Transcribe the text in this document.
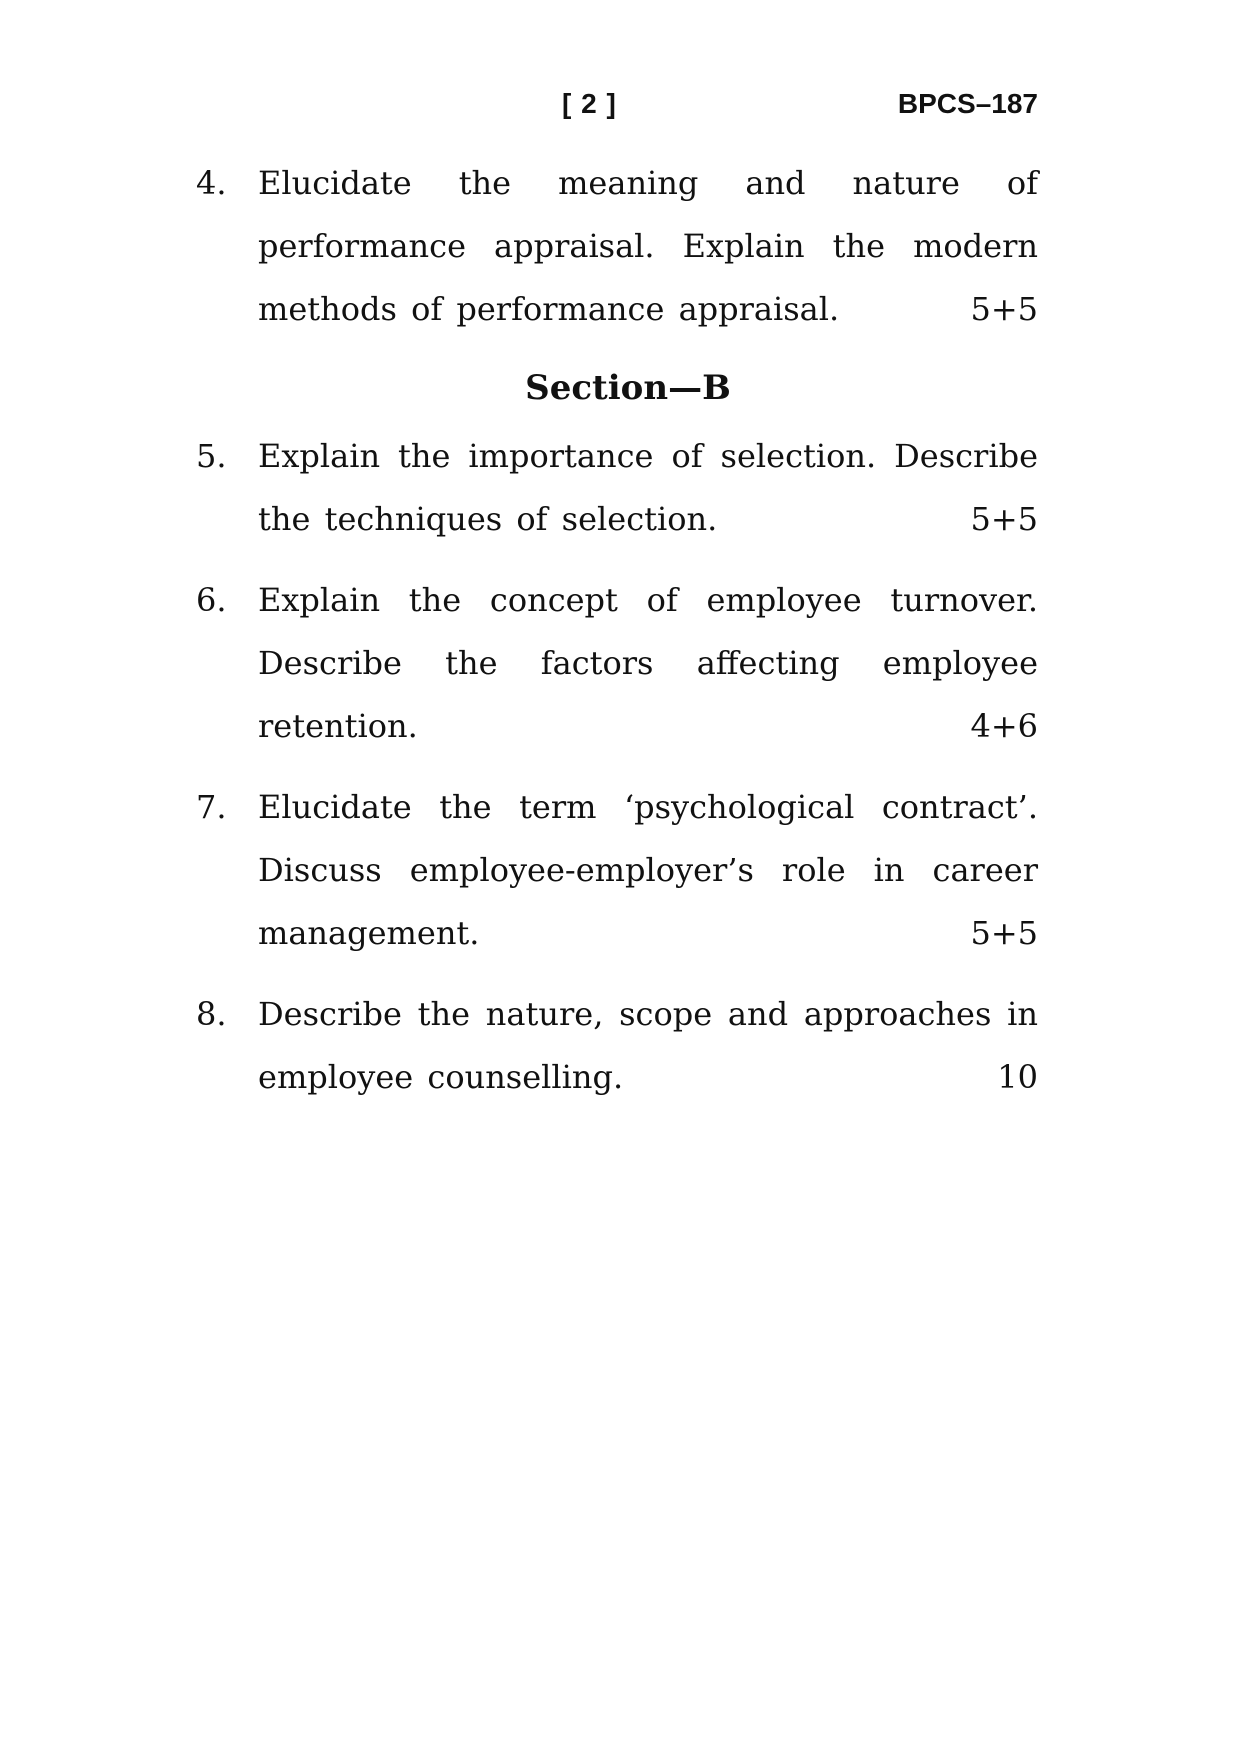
[ 2 ]	BPCS–187
4. Elucidate the meaning and nature of performance appraisal. Explain the modern methods of performance appraisal.	5+5
Section—B
5. Explain the importance of selection. Describe the techniques of selection.	5+5
6. Explain the concept of employee turnover. Describe the factors affecting employee retention.	4+6
7. Elucidate the term ‘psychological contract’. Discuss employee-employer’s role in career management.	5+5
8. Describe the nature, scope and approaches in employee counselling.	10
